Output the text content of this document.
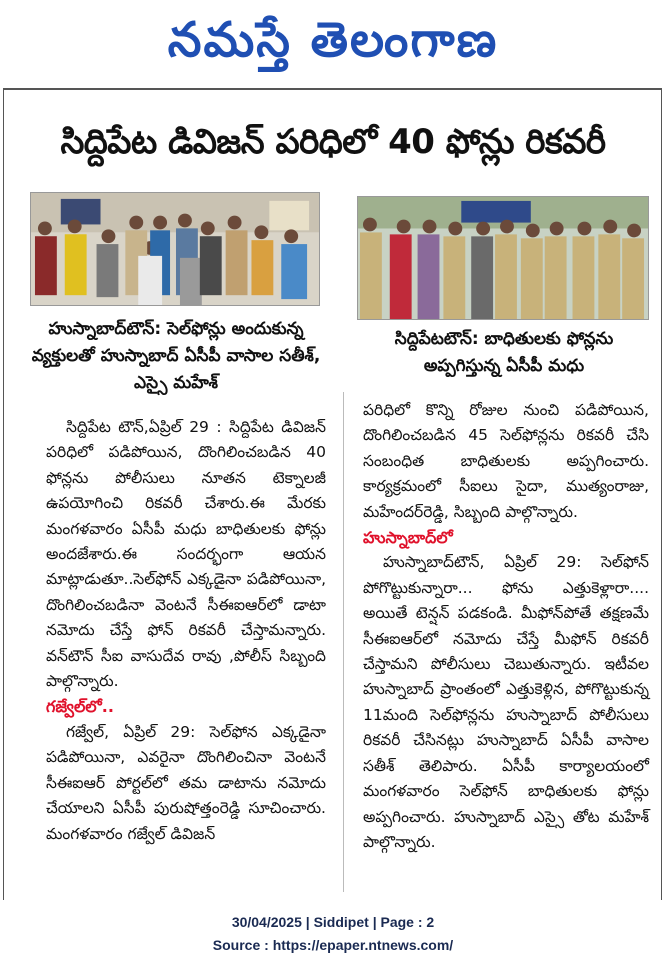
నమస్తే తెలంగాణ
సిద్దిపేట డివిజన్ పరిధిలో 40 ఫోన్లు రికవరీ
హుస్నాబాద్‌టౌన్: సెల్‌ఫోన్లు అందుకున్న వ్యక్తులతో హుస్నాబాద్ ఏసీపీ వాసాల సతీశ్, ఎస్సై మహేశ్
సిద్దిపేటటౌన్: బాధితులకు ఫోన్లను అప్పగిస్తున్న ఏసీపీ మధు

సిద్దిపేట టౌన్,ఏప్రిల్ 29 : సిద్దిపేట డివిజన్ పరిధిలో పడిపోయిన, దొంగిలించబడిన 40 ఫోన్లను పోలీసులు నూతన టెక్నాలజీ ఉపయోగించి రికవరీ చేశారు.ఈ మేరకు మంగళవారం ఏసీపీ మధు బాధితులకు ఫోన్లు అందజేశారు.ఈ సందర్భంగా ఆయన మాట్లాడుతూ..సెల్‌ఫోన్ ఎక్కడైనా పడిపోయినా, దొంగిలించబడినా వెంటనే సీఈఐఆర్‌లో డాటా నమోదు చేస్తే ఫోన్ రికవరీ చేస్తామన్నారు. వన్‌టౌన్ సీఐ వాసుదేవ రావు ,పోలీస్ సిబ్బంది పాల్గొన్నారు.

గజ్వేల్‌లో..

గజ్వేల్, ఏప్రిల్ 29: సెల్‌ఫోన ఎక్కడైనా పడిపోయినా, ఎవరైనా దొంగిలించినా వెంటనే సీఈఐఆర్ పోర్టల్‌లో తమ డాటాను నమోదు చేయాలని ఏసీపీ పురుషోత్తంరెడ్డి సూచించారు. మంగళవారం గజ్వేల్ డివిజన్

పరిధిలో కొన్ని రోజుల నుంచి పడిపోయిన, దొంగిలించబడిన 45 సెల్‌ఫోన్లను రికవరీ చేసి సంబంధిత బాధితులకు అప్పగించారు. కార్యక్రమంలో సీఐలు సైదా, ముత్యంరాజు, మహేందర్‌రెడ్డి, సిబ్బంది పాల్గొన్నారు.

హుస్నాబాద్‌లో

హుస్నాబాద్‌టౌన్, ఏప్రిల్ 29: సెల్‌ఫోన్ పోగొట్టుకున్నారా... ఫోను ఎత్తుకెళ్లారా.... అయితే టెన్షన్ పడకండి. మీఫోన్‌పోతే తక్షణమే సీఈఐఆర్‌లో నమోదు చేస్తే మీఫోన్ రికవరీ చేస్తామని పోలీసులు చెబుతున్నారు. ఇటీవల హుస్నాబాద్ ప్రాంతంలో ఎత్తుకెళ్లిన, పోగొట్టుకున్న 11మంది సెల్‌ఫోన్లను హుస్నాబాద్ పోలీసులు రికవరీ చేసినట్లు హుస్నాబాద్ ఏసీపీ వాసాల సతీశ్ తెలిపారు. ఏసీపీ కార్యాలయంలో మంగళవారం సెల్‌ఫోన్ బాధితులకు ఫోన్లు అప్పగించారు. హుస్నాబాద్ ఎస్సై తోట మహేశ్ పాల్గొన్నారు.

30/04/2025 | Siddipet | Page : 2
Source : https://epaper.ntnews.com/
